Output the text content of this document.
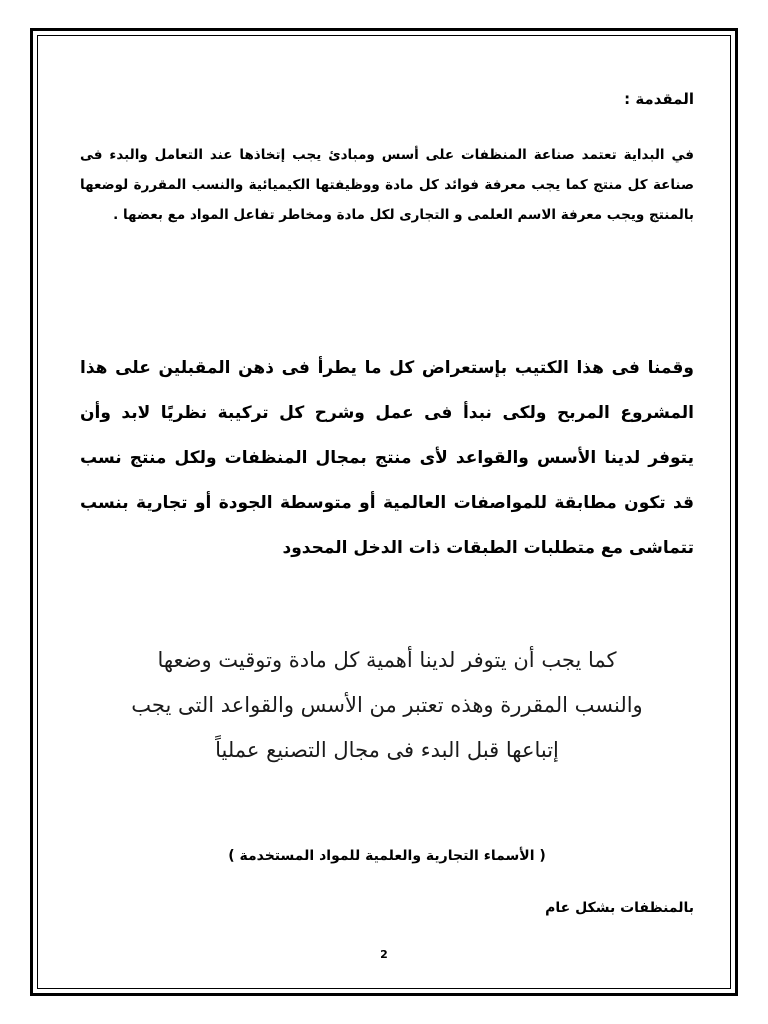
المقدمة :

في البداية تعتمد صناعة المنظفات على أسس ومبادئ يجب إتخاذها عند التعامل والبدء فى صناعة كل منتج كما يجب معرفة فوائد كل مادة ووظيفتها الكيميائية والنسب المقررة لوضعها بالمنتج ويجب معرفة الاسم العلمى و التجارى لكل مادة ومخاطر تفاعل المواد مع بعضها .

وقمنا فى هذا الكتيب بإستعراض كل ما يطرأ فى ذهن المقبلين على هذا المشروع المربح ولكى نبدأ فى عمل وشرح كل تركيبة نظريًا لابد وأن يتوفر لدينا الأسس والقواعد لأى منتج بمجال المنظفات ولكل منتج نسب قد تكون مطابقة للمواصفات العالمية أو متوسطة الجودة أو تجارية بنسب تتماشى مع متطلبات الطبقات ذات الدخل المحدود

كما يجب أن يتوفر لدينا أهمية كل مادة وتوقيت وضعها
والنسب المقررة وهذه تعتبر من الأسس والقواعد التى يجب
إتباعها قبل البدء فى مجال التصنيع عملياً

( الأسماء التجارية والعلمية للمواد المستخدمة )

بالمنظفات بشكل عام

2
